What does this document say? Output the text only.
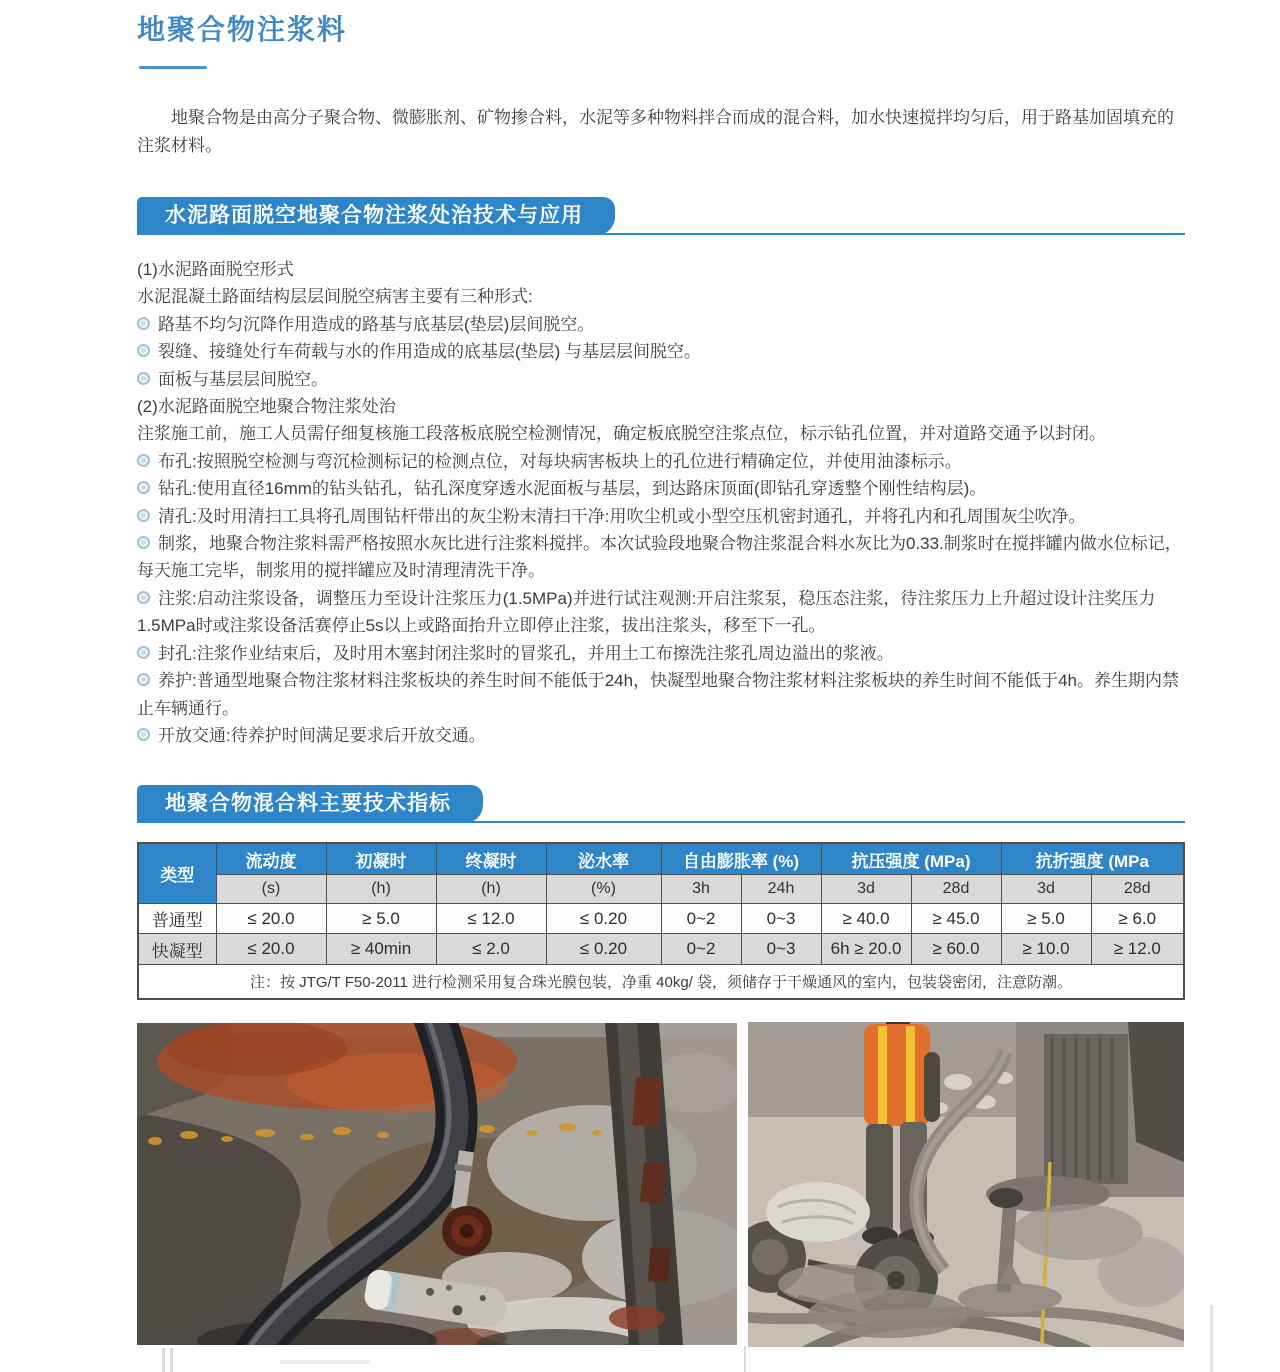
地聚合物注浆料

地聚合物是由高分子聚合物、微膨胀剂、矿物掺合料，水泥等多种物料拌合而成的混合料，加水快速搅拌均匀后，用于路基加固填充的注浆材料。

水泥路面脱空地聚合物注浆处治技术与应用

(1)水泥路面脱空形式

水泥混凝土路面结构层层间脱空病害主要有三种形式:

路基不均匀沉降作用造成的路基与底基层(垫层)层间脱空。

裂缝、接缝处行车荷载与水的作用造成的底基层(垫层) 与基层层间脱空。

面板与基层层间脱空。

(2)水泥路面脱空地聚合物注浆处治

注浆施工前，施工人员需仔细复核施工段落板底脱空检测情况，确定板底脱空注浆点位，标示钻孔位置，并对道路交通予以封闭。

布孔:按照脱空检测与弯沉检测标记的检测点位，对每块病害板块上的孔位进行精确定位，并使用油漆标示。

钻孔:使用直径16mm的钻头钻孔，钻孔深度穿透水泥面板与基层，到达路床顶面(即钻孔穿透整个刚性结构层)。

清孔:及时用清扫工具将孔周围钻杆带出的灰尘粉末清扫干净:用吹尘机或小型空压机密封通孔，并将孔内和孔周围灰尘吹净。

制浆，地聚合物注浆料需严格按照水灰比进行注浆料搅拌。本次试验段地聚合物注浆混合料水灰比为0.33.制浆时在搅拌罐内做水位标记，每天施工完毕，制浆用的搅拌罐应及时清理清洗干净。

注浆:启动注浆设备，调整压力至设计注浆压力(1.5MPa)并进行试注观测:开启注浆泵，稳压态注浆，待注浆压力上升超过设计注奖压力1.5MPa时或注浆设备活赛停止5s以上或路面抬升立即停止注浆，拔出注浆头，移至下一孔。

封孔:注浆作业结束后，及时用木塞封闭注浆时的冒浆孔，并用土工布擦洗注浆孔周边溢出的浆液。

养护:普通型地聚合物注浆材料注浆板块的养生时间不能低于24h，快凝型地聚合物注浆材料注浆板块的养生时间不能低于4h。养生期内禁止车辆通行。

开放交通:待养护时间满足要求后开放交通。

地聚合物混合料主要技术指标
类型	流动度	初凝时	终凝时	泌水率	自由膨胀率 (%)		抗压强度 (MPa)		抗折强度 (MPa	
	(s)	(h)	(h)	(%)	3h	24h	3d	28d	3d	28d
普通型	≤ 20.0	≥ 5.0	≤ 12.0	≤ 0.20	0~2	0~3	≥ 40.0	≥ 45.0	≥ 5.0	≥ 6.0
快凝型	≤ 20.0	≥ 40min	≤ 2.0	≤ 0.20	0~2	0~3	6h ≥ 20.0	≥ 60.0	≥ 10.0	≥ 12.0
注：按 JTG/T F50-2011 进行检测采用复合珠光膜包装，净重 40kg/ 袋，须储存于干燥通风的室内，包装袋密闭，注意防潮。										
